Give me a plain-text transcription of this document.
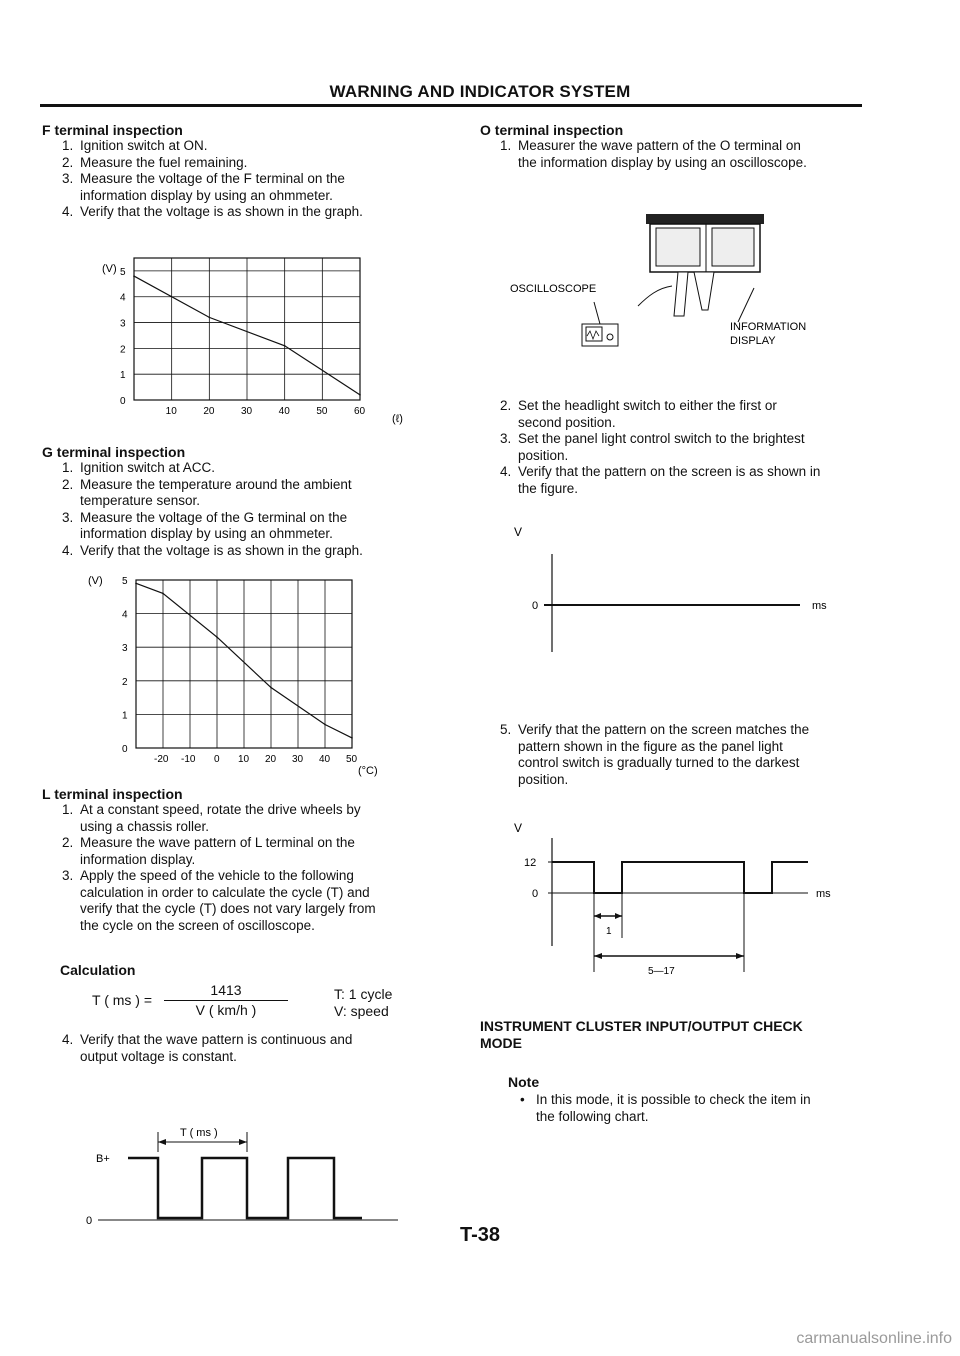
WARNING AND INDICATOR SYSTEM
F terminal inspection
1. Ignition switch at ON.
2. Measure the fuel remaining.
3. Measure the voltage of the F terminal on the
information display by using an ohmmeter.
4. Verify that the voltage is as shown in the graph.
(V)
0
1
2
3
4
5
10	20	30	40	50	60
(ℓ)
G terminal inspection
1. Ignition switch at ACC.
2. Measure the temperature around the ambient
temperature sensor.
3. Measure the voltage of the G terminal on the
information display by using an ohmmeter.
4. Verify that the voltage is as shown in the graph.
(V)
0
1
2
3
4
5
-20 -10 0 10 20 30 40 50
(°C)
L terminal inspection
1. At a constant speed, rotate the drive wheels by
using a chassis roller.
2. Measure the wave pattern of L terminal on the
information display.
3. Apply the speed of the vehicle to the following
calculation in order to calculate the cycle (T) and
verify that the cycle (T) does not vary largely from
the cycle on the screen of oscilloscope.
Calculation
T ( ms ) =
1413
V ( km/h )
T: 1 cycle
V: speed
4. Verify that the wave pattern is continuous and
output voltage is constant.
T ( ms )
B+
0
O terminal inspection
1. Measurer the wave pattern of the O terminal on
the information display by using an oscilloscope.
OSCILLOSCOPE
INFORMATION
DISPLAY
2. Set the headlight switch to either the first or
second position.
3. Set the panel light control switch to the brightest
position.
4. Verify that the pattern on the screen is as shown in
the figure.
V
0	ms
5. Verify that the pattern on the screen matches the
pattern shown in the figure as the panel light
control switch is gradually turned to the darkest
position.
V
12
0	ms
1
5—17
INSTRUMENT CLUSTER INPUT/OUTPUT CHECK
MODE
Note
• In this mode, it is possible to check the item in
the following chart.
T-38
carmanualsonline.info
